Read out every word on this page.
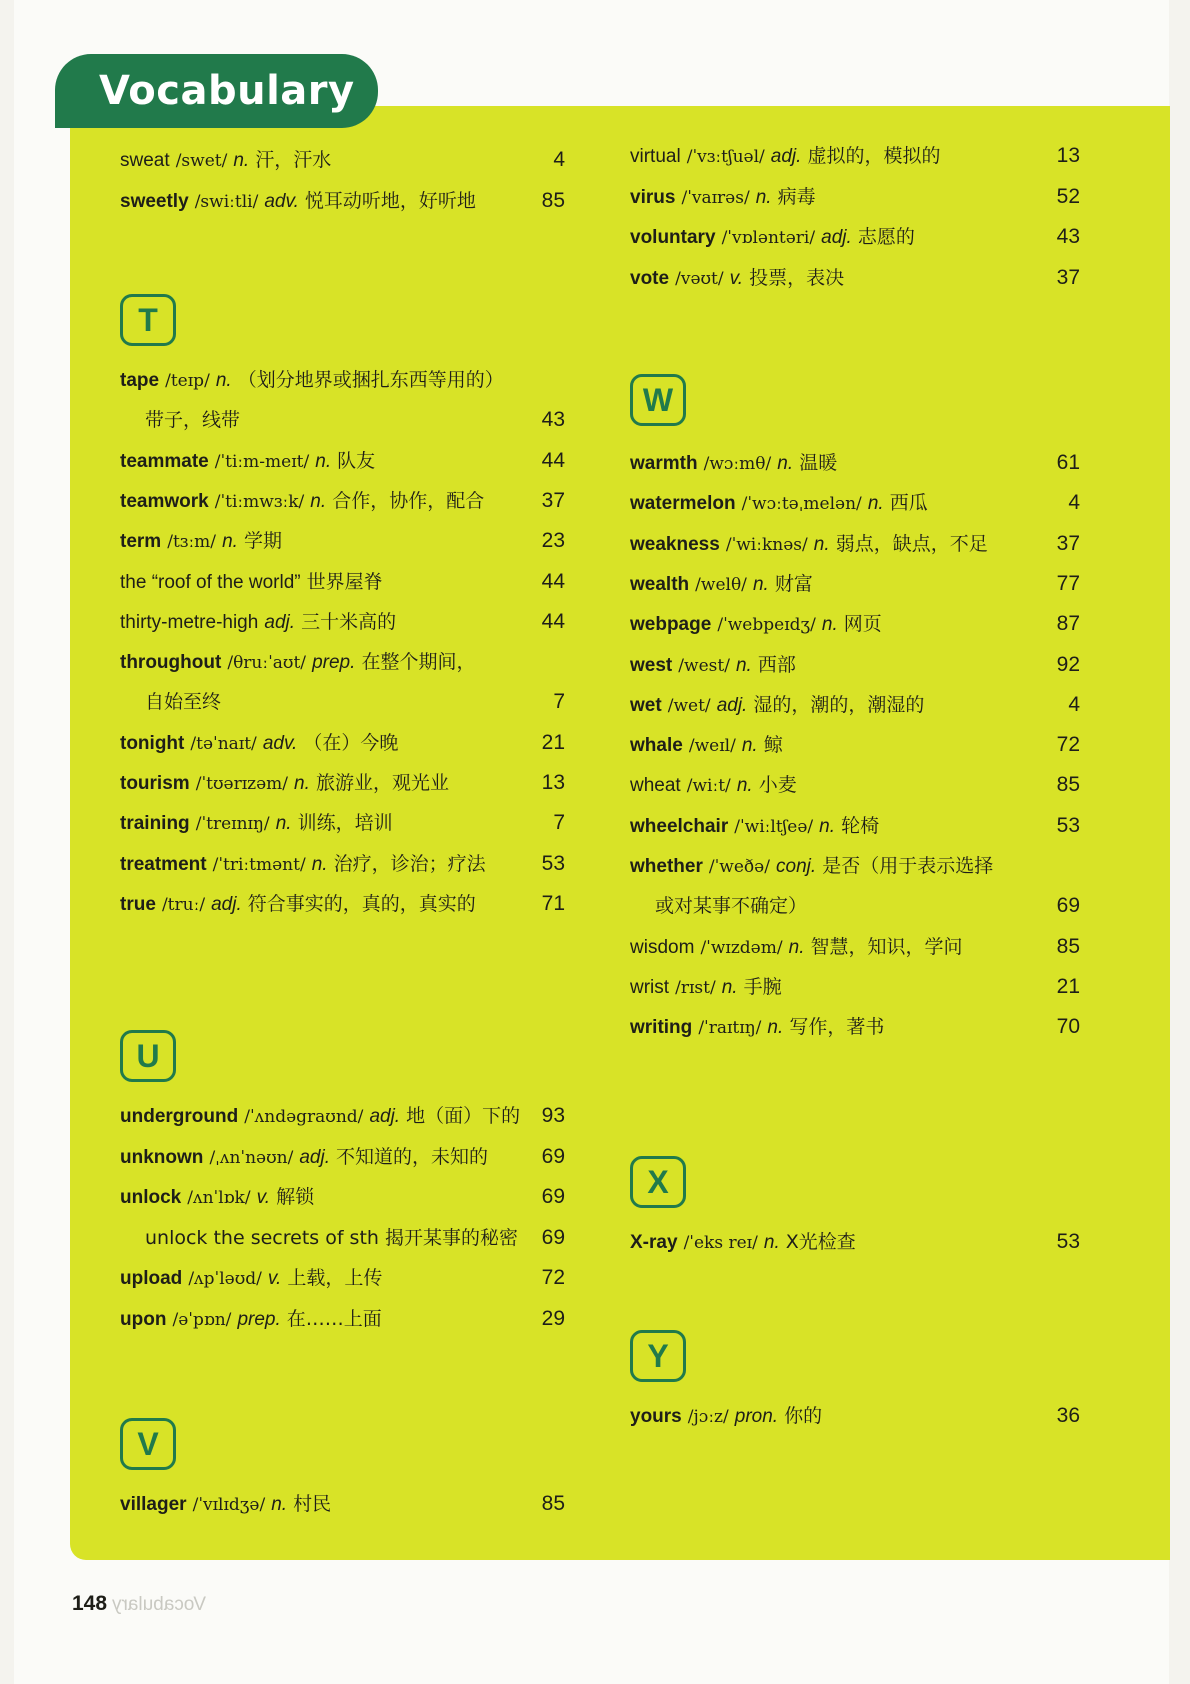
Vocabulary
sweat /swet/ n. 汗，汗水	4
sweetly /swiːtli/ adv. 悦耳动听地，好听地	85
T
tape /teɪp/ n. （划分地界或捆扎东西等用的）
带子，线带	43
teammate /ˈtiːm-meɪt/ n. 队友	44
teamwork /ˈtiːmwɜːk/ n. 合作，协作，配合	37
term /tɜːm/ n. 学期	23
the “roof of the world” 世界屋脊	44
thirty-metre-high adj. 三十米高的	44
throughout /θruːˈaʊt/ prep. 在整个期间，
自始至终	7
tonight /təˈnaɪt/ adv. （在）今晚	21
tourism /ˈtʊərɪzəm/ n. 旅游业，观光业	13
training /ˈtreɪnɪŋ/ n. 训练，培训	7
treatment /ˈtriːtmənt/ n. 治疗，诊治；疗法	53
true /truː/ adj. 符合事实的，真的，真实的	71
U
underground /ˈʌndəgraʊnd/ adj. 地（面）下的 93
unknown /ˌʌnˈnəʊn/ adj. 不知道的，未知的	69
unlock /ʌnˈlɒk/ v. 解锁	69
unlock the secrets of sth 揭开某事的秘密 69
upload /ʌpˈləʊd/ v. 上载，上传	72
upon /əˈpɒn/ prep. 在……上面	29
V
villager /ˈvɪlɪdʒə/ n. 村民	85
virtual /ˈvɜːtʃuəl/ adj. 虚拟的，模拟的	13
virus /ˈvaɪrəs/ n. 病毒	52
voluntary /ˈvɒləntəri/ adj. 志愿的	43
vote /vəʊt/ v. 投票，表决	37
W
warmth /wɔːmθ/ n. 温暖	61
watermelon /ˈwɔːtəˌmelən/ n. 西瓜	4
weakness /ˈwiːknəs/ n. 弱点，缺点，不足	37
wealth /welθ/ n. 财富	77
webpage /ˈwebpeɪdʒ/ n. 网页	87
west /west/ n. 西部	92
wet /wet/ adj. 湿的，潮的，潮湿的	4
whale /weɪl/ n. 鲸	72
wheat /wiːt/ n. 小麦	85
wheelchair /ˈwiːltʃeə/ n. 轮椅	53
whether /ˈweðə/ conj. 是否（用于表示选择
或对某事不确定）	69
wisdom /ˈwɪzdəm/ n. 智慧，知识，学问	85
wrist /rɪst/ n. 手腕	21
writing /ˈraɪtɪŋ/ n. 写作，著书	70
X
X-ray /ˈeks reɪ/ n. X光检查	53
Y
yours /jɔːz/ pron. 你的	36
148 Vocabulary
